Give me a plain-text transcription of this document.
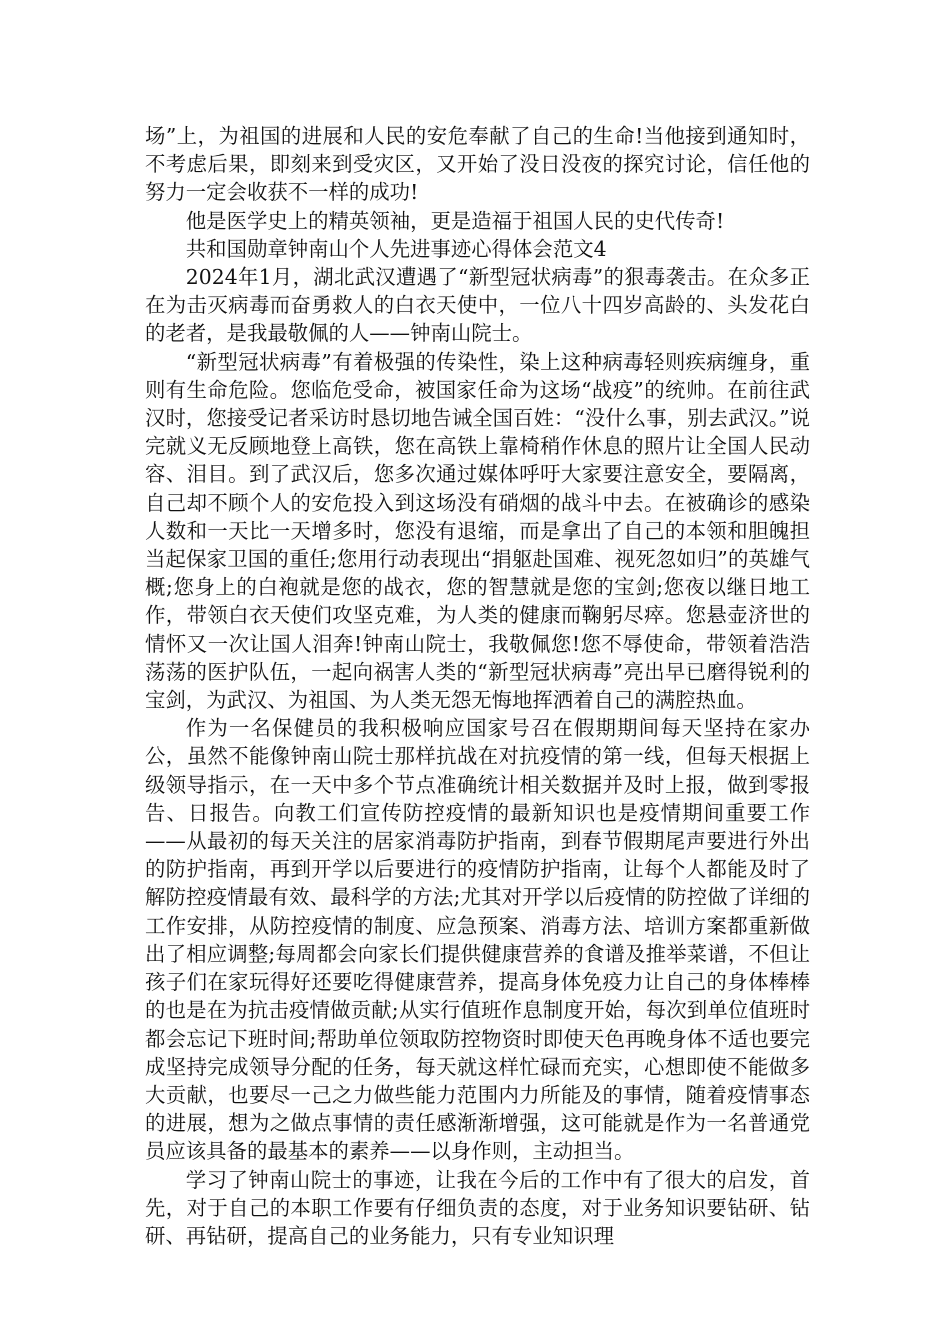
场”上，为祖国的进展和人民的安危奉献了自己的生命!当他接到通知时，不考虑后果，即刻来到受灾区，又开始了没日没夜的探究讨论，信任他的努力一定会收获不一样的成功!

他是医学史上的精英领袖，更是造福于祖国人民的史代传奇!

共和国勋章钟南山个人先进事迹心得体会范文4

2024年1月，湖北武汉遭遇了“新型冠状病毒”的狠毒袭击。在众多正在为击灭病毒而奋勇救人的白衣天使中，一位八十四岁高龄的、头发花白的老者，是我最敬佩的人——钟南山院士。

“新型冠状病毒”有着极强的传染性，染上这种病毒轻则疾病缠身，重则有生命危险。您临危受命，被国家任命为这场“战疫”的统帅。在前往武汉时，您接受记者采访时恳切地告诫全国百姓：“没什么事，别去武汉。”说完就义无反顾地登上高铁，您在高铁上靠椅稍作休息的照片让全国人民动容、泪目。到了武汉后，您多次通过媒体呼吁大家要注意安全，要隔离，自己却不顾个人的安危投入到这场没有硝烟的战斗中去。在被确诊的感染人数和一天比一天增多时，您没有退缩，而是拿出了自己的本领和胆魄担当起保家卫国的重任;您用行动表现出“捐躯赴国难、视死忽如归”的英雄气概;您身上的白袍就是您的战衣，您的智慧就是您的宝剑;您夜以继日地工作，带领白衣天使们攻坚克难，为人类的健康而鞠躬尽瘁。您悬壶济世的情怀又一次让国人泪奔!钟南山院士，我敬佩您!您不辱使命，带领着浩浩荡荡的医护队伍，一起向祸害人类的“新型冠状病毒”亮出早已磨得锐利的宝剑，为武汉、为祖国、为人类无怨无悔地挥洒着自己的满腔热血。

作为一名保健员的我积极响应国家号召在假期期间每天坚持在家办公，虽然不能像钟南山院士那样抗战在对抗疫情的第一线，但每天根据上级领导指示，在一天中多个节点准确统计相关数据并及时上报，做到零报告、日报告。向教工们宣传防控疫情的最新知识也是疫情期间重要工作——从最初的每天关注的居家消毒防护指南，到春节假期尾声要进行外出的防护指南，再到开学以后要进行的疫情防护指南，让每个人都能及时了解防控疫情最有效、最科学的方法;尤其对开学以后疫情的防控做了详细的工作安排，从防控疫情的制度、应急预案、消毒方法、培训方案都重新做出了相应调整;每周都会向家长们提供健康营养的食谱及推举菜谱，不但让孩子们在家玩得好还要吃得健康营养，提高身体免疫力让自己的身体棒棒的也是在为抗击疫情做贡献;从实行值班作息制度开始，每次到单位值班时都会忘记下班时间;帮助单位领取防控物资时即使天色再晚身体不适也要完成坚持完成领导分配的任务，每天就这样忙碌而充实，心想即使不能做多大贡献，也要尽一己之力做些能力范围内力所能及的事情，随着疫情事态的进展，想为之做点事情的责任感渐渐增强，这可能就是作为一名普通党员应该具备的最基本的素养——以身作则，主动担当。

学习了钟南山院士的事迹，让我在今后的工作中有了很大的启发，首先，对于自己的本职工作要有仔细负责的态度，对于业务知识要钻研、钻研、再钻研，提高自己的业务能力，只有专业知识理
